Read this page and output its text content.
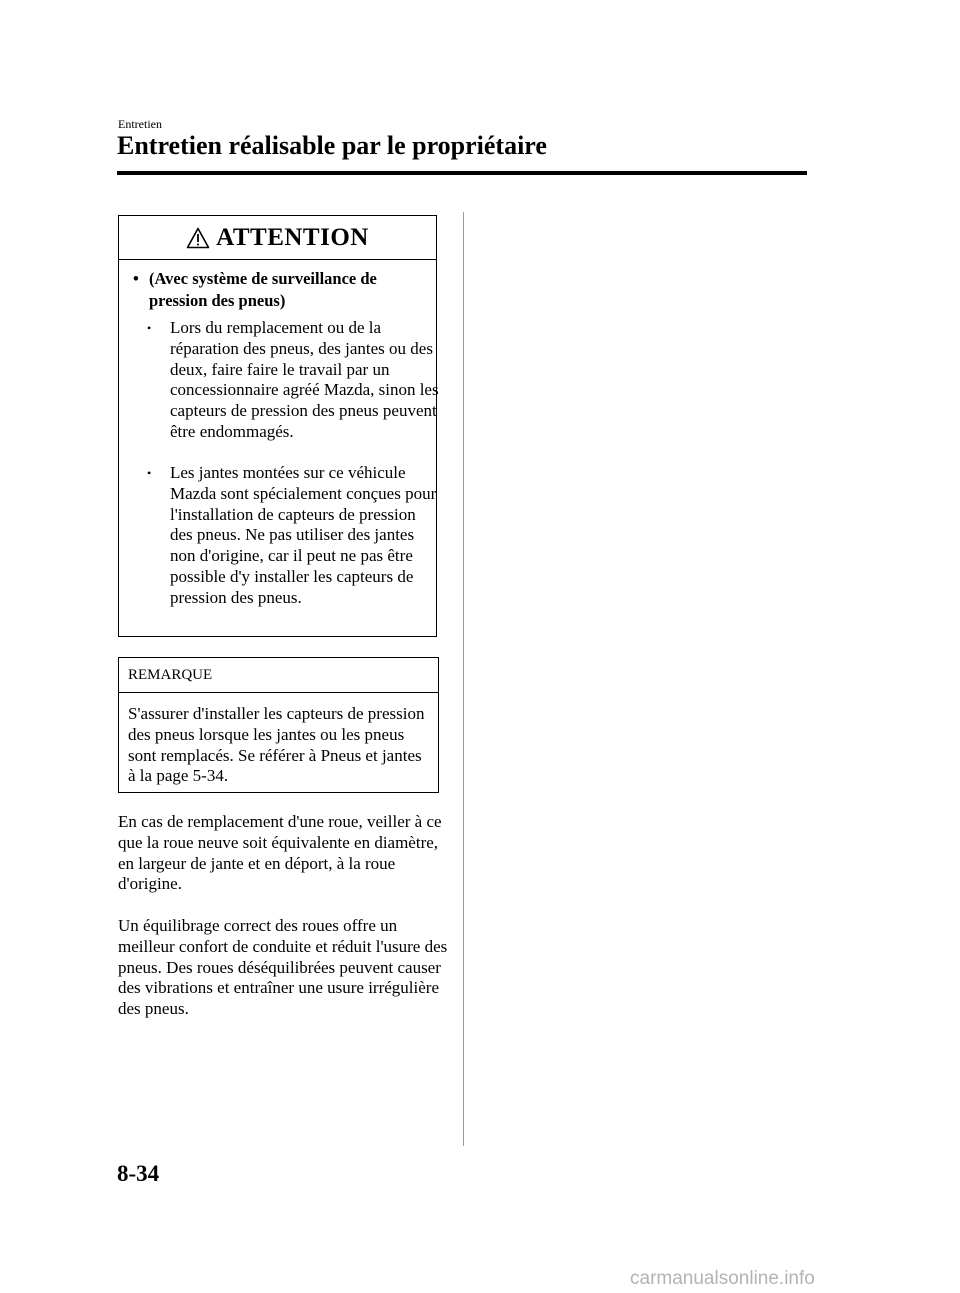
Entretien
Entretien réalisable par le propriétaire
ATTENTION
• (Avec système de surveillance de pression des pneus)
• Lors du remplacement ou de la réparation des pneus, des jantes ou des deux, faire faire le travail par un concessionnaire agréé Mazda, sinon les capteurs de pression des pneus peuvent être endommagés.
• Les jantes montées sur ce véhicule Mazda sont spécialement conçues pour l'installation de capteurs de pression des pneus. Ne pas utiliser des jantes non d'origine, car il peut ne pas être possible d'y installer les capteurs de pression des pneus.
REMARQUE
S'assurer d'installer les capteurs de pression des pneus lorsque les jantes ou les pneus sont remplacés. Se référer à Pneus et jantes à la page 5-34.
En cas de remplacement d'une roue, veiller à ce que la roue neuve soit équivalente en diamètre, en largeur de jante et en déport, à la roue d'origine.
Un équilibrage correct des roues offre un meilleur confort de conduite et réduit l'usure des pneus. Des roues déséquilibrées peuvent causer des vibrations et entraîner une usure irrégulière des pneus.
8-34
carmanualsonline.info
